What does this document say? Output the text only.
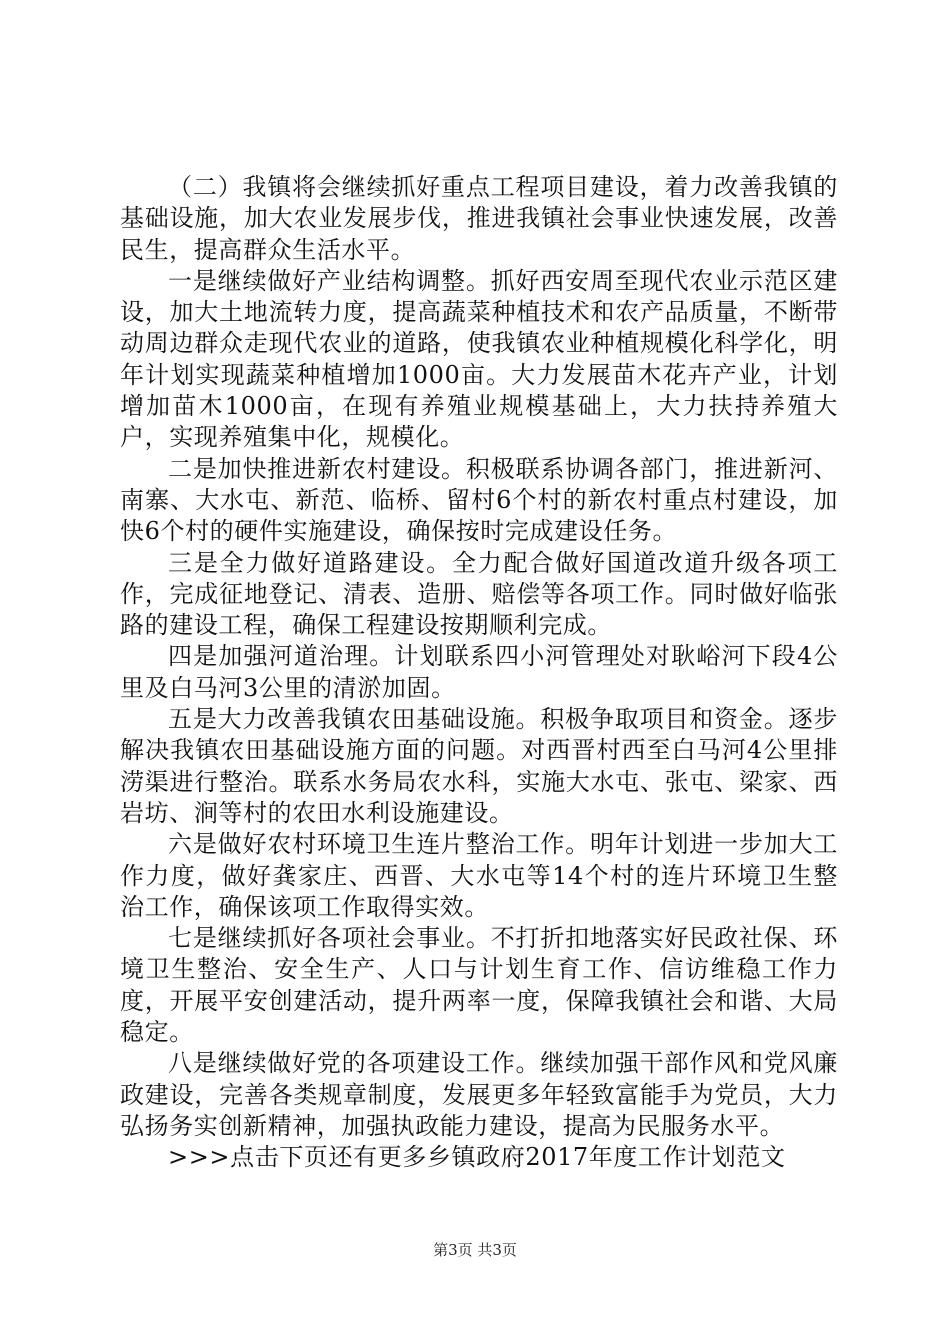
（二）我镇将会继续抓好重点工程项目建设，着力改善我镇的基础设施，加大农业发展步伐，推进我镇社会事业快速发展，改善民生，提高群众生活水平。

一是继续做好产业结构调整。抓好西安周至现代农业示范区建设，加大土地流转力度，提高蔬菜种植技术和农产品质量，不断带动周边群众走现代农业的道路，使我镇农业种植规模化科学化，明年计划实现蔬菜种植增加1000亩。大力发展苗木花卉产业，计划增加苗木1000亩，在现有养殖业规模基础上，大力扶持养殖大户，实现养殖集中化，规模化。

二是加快推进新农村建设。积极联系协调各部门，推进新河、南寨、大水屯、新范、临桥、留村6个村的新农村重点村建设，加快6个村的硬件实施建设，确保按时完成建设任务。

三是全力做好道路建设。全力配合做好国道改道升级各项工作，完成征地登记、清表、造册、赔偿等各项工作。同时做好临张路的建设工程，确保工程建设按期顺利完成。

四是加强河道治理。计划联系四小河管理处对耿峪河下段4公里及白马河3公里的清淤加固。

五是大力改善我镇农田基础设施。积极争取项目和资金。逐步解决我镇农田基础设施方面的问题。对西晋村西至白马河4公里排涝渠进行整治。联系水务局农水科，实施大水屯、张屯、梁家、西岩坊、涧等村的农田水利设施建设。

六是做好农村环境卫生连片整治工作。明年计划进一步加大工作力度，做好龚家庄、西晋、大水屯等14个村的连片环境卫生整治工作，确保该项工作取得实效。

七是继续抓好各项社会事业。不打折扣地落实好民政社保、环境卫生整治、安全生产、人口与计划生育工作、信访维稳工作力度，开展平安创建活动，提升两率一度，保障我镇社会和谐、大局稳定。

八是继续做好党的各项建设工作。继续加强干部作风和党风廉政建设，完善各类规章制度，发展更多年轻致富能手为党员，大力弘扬务实创新精神，加强执政能力建设，提高为民服务水平。

>>>点击下页还有更多乡镇政府2017年度工作计划范文

第3页 共3页
